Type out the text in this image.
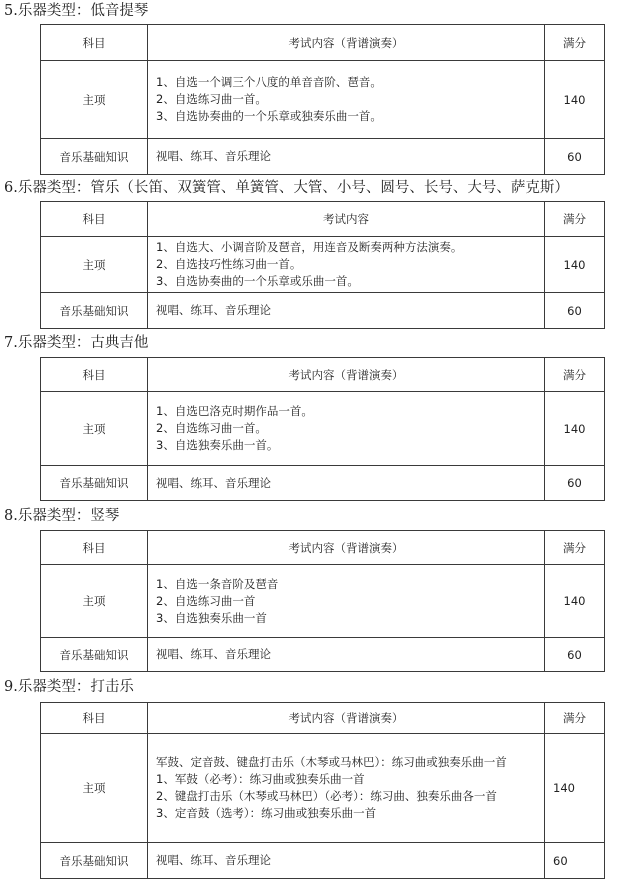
5.乐器类型：低音提琴
科目	考试内容（背谱演奏）	满分
主项	1、自选一个调三个八度的单音音阶、琶音。
2、自选练习曲一首。
3、自选协奏曲的一个乐章或独奏乐曲一首。	140
音乐基础知识	视唱、练耳、音乐理论	60
6.乐器类型：管乐（长笛、双簧管、单簧管、大管、小号、圆号、长号、大号、萨克斯）
科目	考试内容	满分
主项	1、自选大、小调音阶及琶音，用连音及断奏两种方法演奏。
2、自选技巧性练习曲一首。
3、自选协奏曲的一个乐章或乐曲一首。	140
音乐基础知识	视唱、练耳、音乐理论	60
7.乐器类型：古典吉他
科目	考试内容（背谱演奏）	满分
主项	1、自选巴洛克时期作品一首。
2、自选练习曲一首。
3、自选独奏乐曲一首。	140
音乐基础知识	视唱、练耳、音乐理论	60
8.乐器类型：竖琴
科目	考试内容（背谱演奏）	满分
主项	1、自选一条音阶及琶音
2、自选练习曲一首
3、自选独奏乐曲一首	140
音乐基础知识	视唱、练耳、音乐理论	60
9.乐器类型：打击乐
科目	考试内容（背谱演奏）	满分
主项	军鼓、定音鼓、键盘打击乐（木琴或马林巴）：练习曲或独奏乐曲一首
1、军鼓（必考）：练习曲或独奏乐曲一首
2、键盘打击乐（木琴或马林巴）（必考）：练习曲、独奏乐曲各一首
3、定音鼓（选考）：练习曲或独奏乐曲一首	140
音乐基础知识	视唱、练耳、音乐理论	60
